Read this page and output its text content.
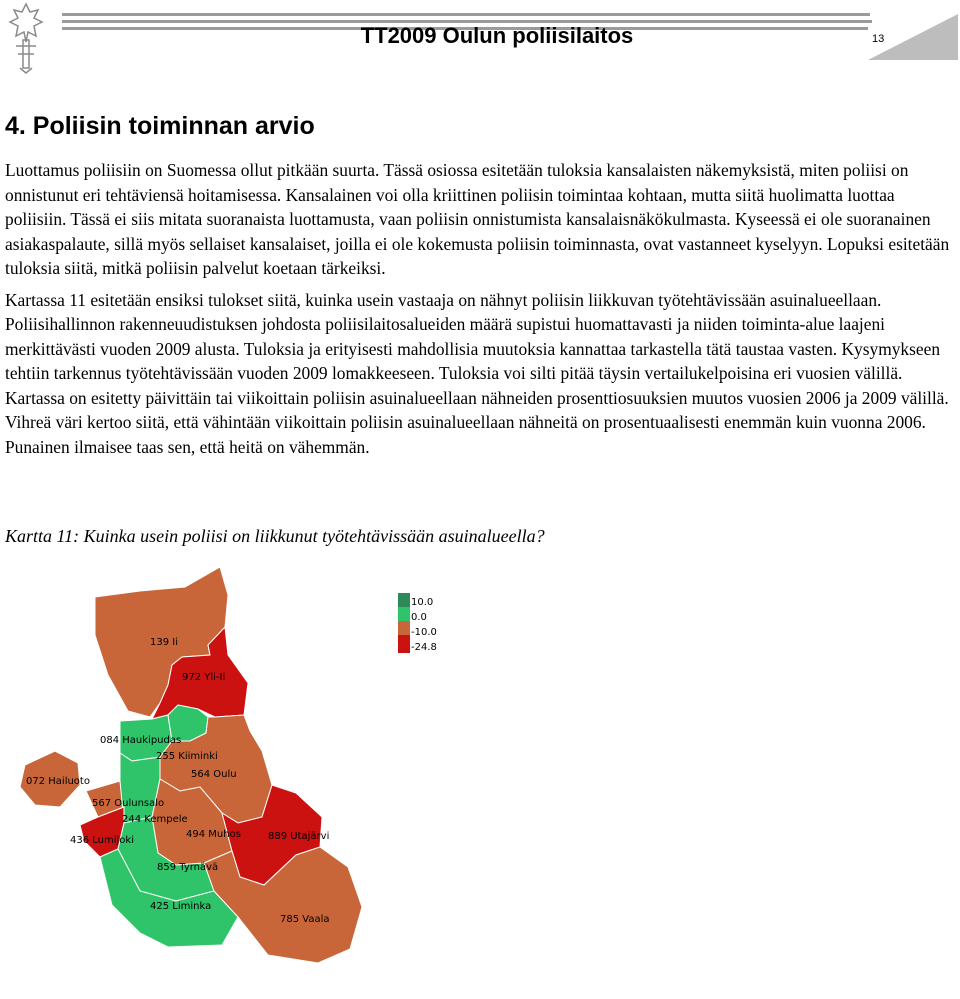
TT2009 Oulun poliisilaitos	13
4. Poliisin toiminnan arvio

Luottamus poliisiin on Suomessa ollut pitkään suurta. Tässä osiossa esitetään tuloksia kansalaisten näkemyksistä, miten poliisi on onnistunut eri tehtäviensä hoitamisessa. Kansalainen voi olla kriittinen poliisin toimintaa kohtaan, mutta siitä huolimatta luottaa poliisiin. Tässä ei siis mitata suoranaista luottamusta, vaan poliisin onnistumista kansalaisnäkökulmasta. Kyseessä ei ole suoranainen asiakaspalaute, sillä myös sellaiset kansalaiset, joilla ei ole kokemusta poliisin toiminnasta, ovat vastanneet kyselyyn. Lopuksi esitetään tuloksia siitä, mitkä poliisin palvelut koetaan tärkeiksi.

Kartassa 11 esitetään ensiksi tulokset siitä, kuinka usein vastaaja on nähnyt poliisin liikkuvan työtehtävissään asuinalueellaan. Poliisihallinnon rakenneuudistuksen johdosta poliisilaitosalueiden määrä supistui huomattavasti ja niiden toiminta-alue laajeni merkittävästi vuoden 2009 alusta. Tuloksia ja erityisesti mahdollisia muutoksia kannattaa tarkastella tätä taustaa vasten. Kysymykseen tehtiin tarkennus työtehtävissään vuoden 2009 lomakkeeseen. Tuloksia voi silti pitää täysin vertailukelpoisina eri vuosien välillä. Kartassa on esitetty päivittäin tai viikoittain poliisin asuinalueellaan nähneiden prosenttiosuuksien muutos vuosien 2006 ja 2009 välillä. Vihreä väri kertoo siitä, että vähintään viikoittain poliisin asuinalueellaan nähneitä on prosentuaalisesti enemmän kuin vuonna 2006. Punainen ilmaisee taas sen, että heitä on vähemmän.

Kartta 11: Kuinka usein poliisi on liikkunut työtehtävissään asuinalueella?
10.0
0.0
-10.0
-24.8
139 Ii
972 Yli-Ii
084 Haukipudas
255 Kiiminki
564 Oulu
072 Hailuoto
567 Oulunsalo
244 Kempele
494 Muhos	889 Utajärvi
436 Lumijoki
859 Tyrnävä
425 Liminka
785 Vaala
